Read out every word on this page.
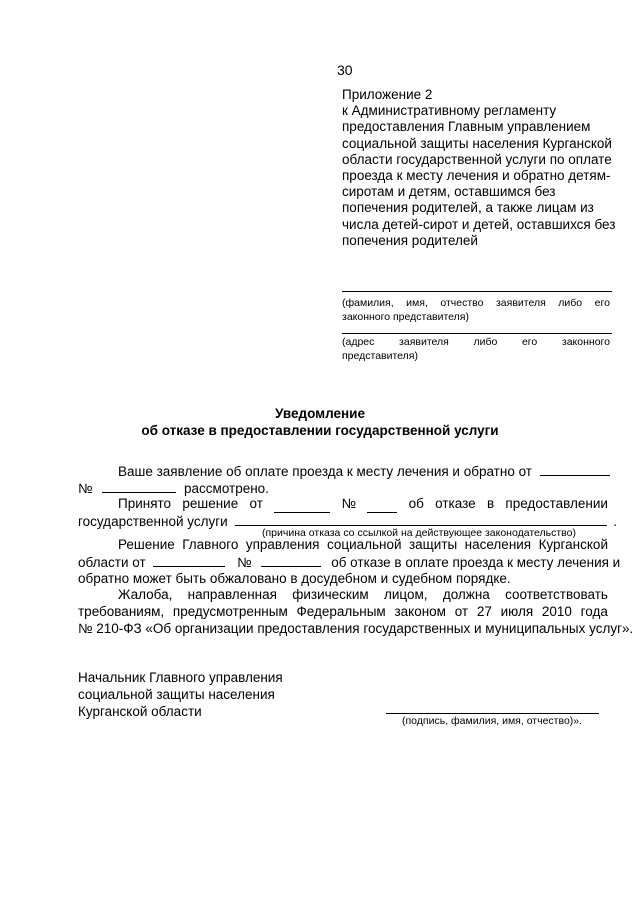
30
Приложение 2
к Административному регламенту
предоставления Главным управлением
социальной защиты населения Курганской
области государственной услуги по оплате
проезда к месту лечения и обратно детям-
сиротам и детям, оставшимся без
попечения родителей, а также лицам из
числа детей-сирот и детей, оставшихся без
попечения родителей
(фамилия, имя, отчество заявителя либо его
законного представителя)
(адрес заявителя либо его законного
представителя)
Уведомление
об отказе в предоставлении государственной услуги
Ваше заявление об оплате проезда к месту лечения и обратно от
№	рассмотрено.
Принято решение от	№	об отказе в предоставлении
государственной услуги	.
(причина отказа со ссылкой на действующее законодательство)
Решение Главного управления социальной защиты населения Курганской
области от	№	об отказе в оплате проезда к месту лечения и
обратно может быть обжаловано в досудебном и судебном порядке.
Жалоба, направленная физическим лицом, должна соответствовать
требованиям, предусмотренным Федеральным законом от 27 июля 2010 года
№ 210-ФЗ «Об организации предоставления государственных и муниципальных услуг».
Начальник Главного управления
социальной защиты населения
Курганской области
(подпись, фамилия, имя, отчество)».
